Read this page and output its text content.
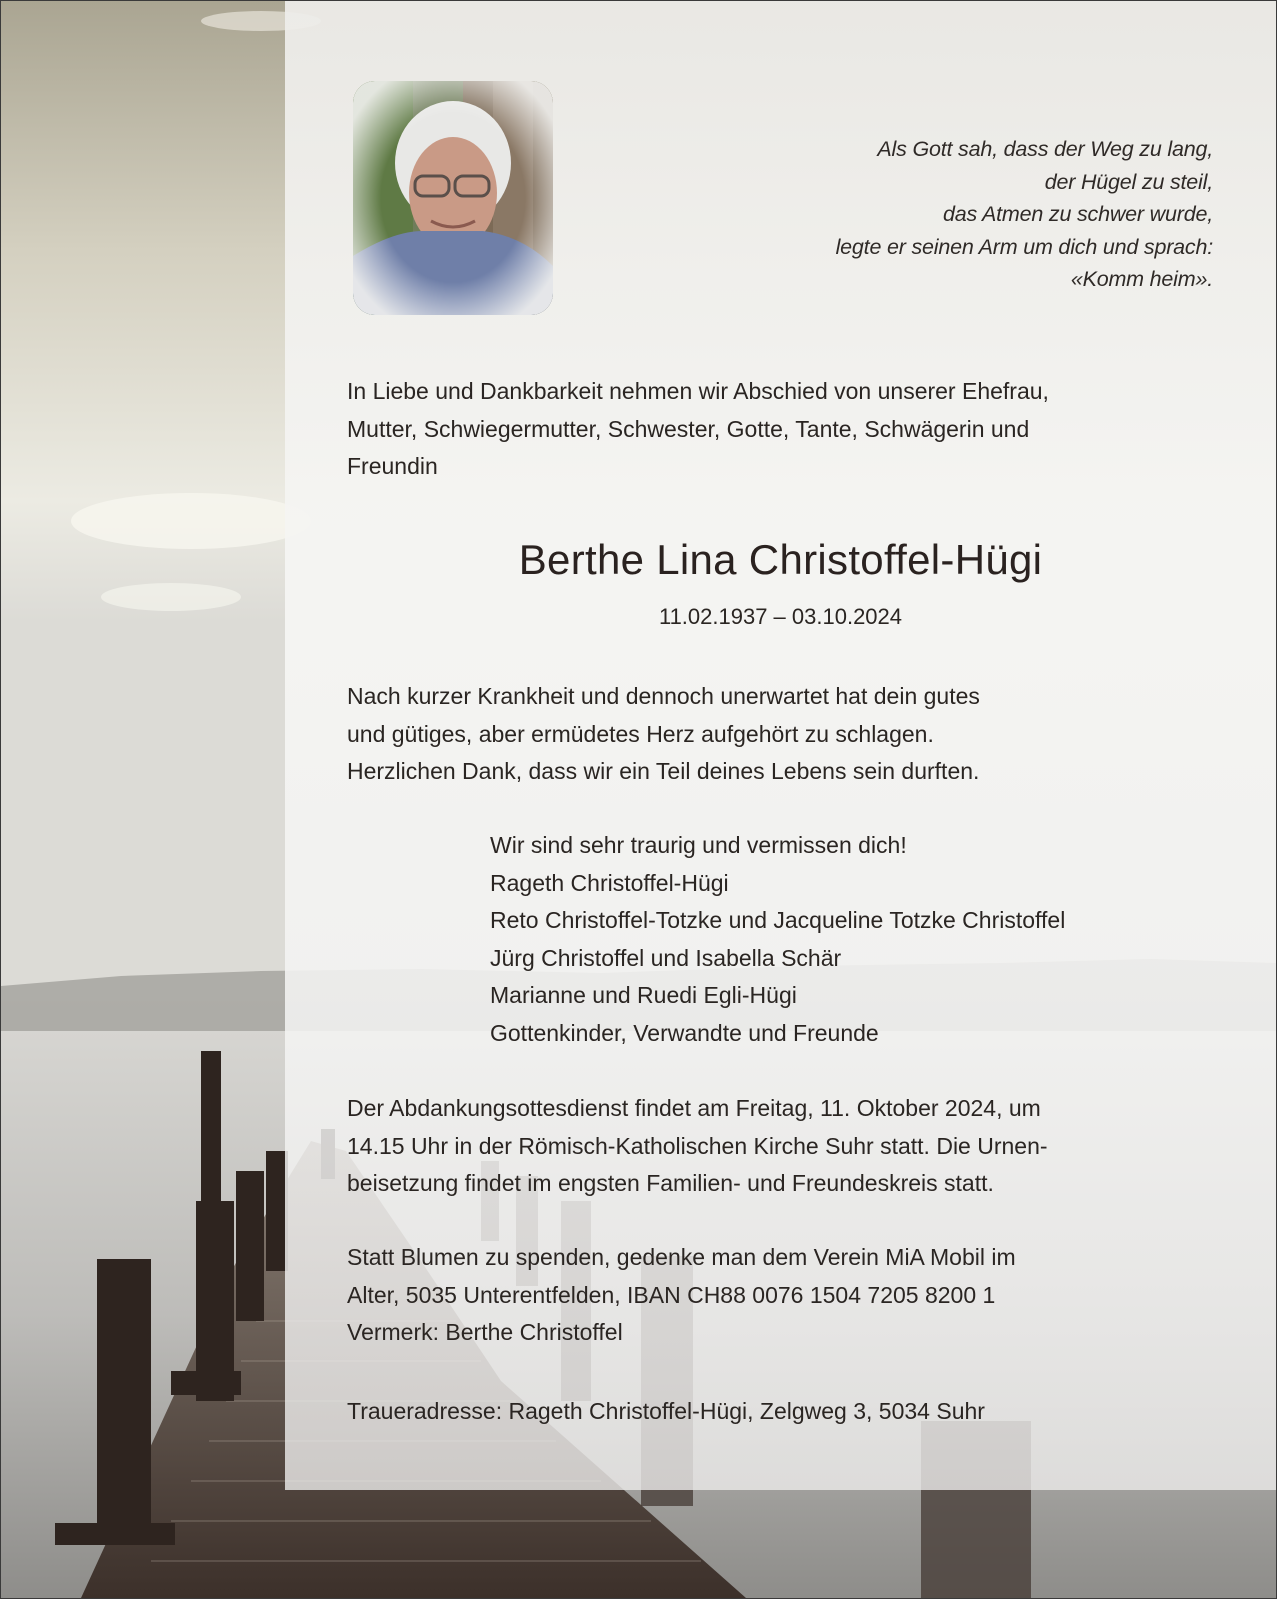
Als Gott sah, dass der Weg zu lang,
der Hügel zu steil,
das Atmen zu schwer wurde,
legte er seinen Arm um dich und sprach:
«Komm heim».
In Liebe und Dankbarkeit nehmen wir Abschied von unserer Ehefrau,
Mutter, Schwiegermutter, Schwester, Gotte, Tante, Schwägerin und
Freundin
Berthe Lina Christoffel-Hügi
11.02.1937 – 03.10.2024
Nach kurzer Krankheit und dennoch unerwartet hat dein gutes
und gütiges, aber ermüdetes Herz aufgehört zu schlagen.
Herzlichen Dank, dass wir ein Teil deines Lebens sein durften.
Wir sind sehr traurig und vermissen dich!
Rageth Christoffel-Hügi
Reto Christoffel-Totzke und Jacqueline Totzke Christoffel
Jürg Christoffel und Isabella Schär
Marianne und Ruedi Egli-Hügi
Gottenkinder, Verwandte und Freunde
Der Abdankungsottesdienst findet am Freitag, 11. Oktober 2024, um
14.15 Uhr in der Römisch-Katholischen Kirche Suhr statt. Die Urnen-
beisetzung findet im engsten Familien- und Freundeskreis statt.
Statt Blumen zu spenden, gedenke man dem Verein MiA Mobil im
Alter, 5035 Unterentfelden, IBAN CH88 0076 1504 7205 8200 1
Vermerk: Berthe Christoffel
Traueradresse: Rageth Christoffel-Hügi, Zelgweg 3, 5034 Suhr
